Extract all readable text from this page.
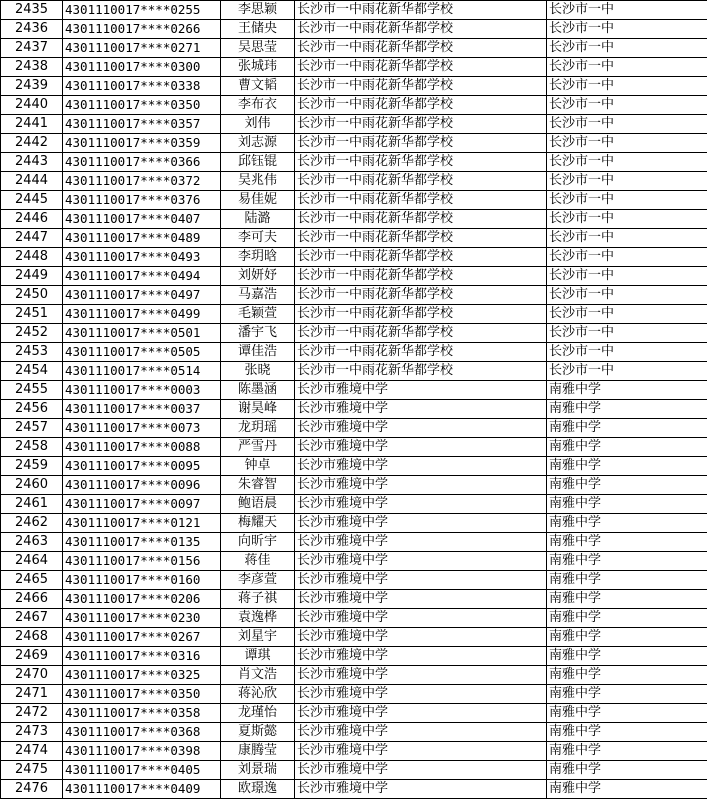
2435	4301110017****0255	李思颖	长沙市一中雨花新华都学校	长沙市一中
2436	4301110017****0266	王储央	长沙市一中雨花新华都学校	长沙市一中
2437	4301110017****0271	吴思莹	长沙市一中雨花新华都学校	长沙市一中
2438	4301110017****0300	张城玮	长沙市一中雨花新华都学校	长沙市一中
2439	4301110017****0338	曹文韬	长沙市一中雨花新华都学校	长沙市一中
2440	4301110017****0350	李布衣	长沙市一中雨花新华都学校	长沙市一中
2441	4301110017****0357	刘伟	长沙市一中雨花新华都学校	长沙市一中
2442	4301110017****0359	刘志源	长沙市一中雨花新华都学校	长沙市一中
2443	4301110017****0366	邱钰锟	长沙市一中雨花新华都学校	长沙市一中
2444	4301110017****0372	吴兆伟	长沙市一中雨花新华都学校	长沙市一中
2445	4301110017****0376	易佳妮	长沙市一中雨花新华都学校	长沙市一中
2446	4301110017****0407	陆潞	长沙市一中雨花新华都学校	长沙市一中
2447	4301110017****0489	李可夫	长沙市一中雨花新华都学校	长沙市一中
2448	4301110017****0493	李玥晗	长沙市一中雨花新华都学校	长沙市一中
2449	4301110017****0494	刘妍妤	长沙市一中雨花新华都学校	长沙市一中
2450	4301110017****0497	马嘉浩	长沙市一中雨花新华都学校	长沙市一中
2451	4301110017****0499	毛颖萱	长沙市一中雨花新华都学校	长沙市一中
2452	4301110017****0501	潘宇飞	长沙市一中雨花新华都学校	长沙市一中
2453	4301110017****0505	谭佳浩	长沙市一中雨花新华都学校	长沙市一中
2454	4301110017****0514	张晓	长沙市一中雨花新华都学校	长沙市一中
2455	4301110017****0003	陈墨涵	长沙市雅境中学	南雅中学
2456	4301110017****0037	谢昊峰	长沙市雅境中学	南雅中学
2457	4301110017****0073	龙玥瑶	长沙市雅境中学	南雅中学
2458	4301110017****0088	严雪丹	长沙市雅境中学	南雅中学
2459	4301110017****0095	钟卓	长沙市雅境中学	南雅中学
2460	4301110017****0096	朱睿智	长沙市雅境中学	南雅中学
2461	4301110017****0097	鲍语晨	长沙市雅境中学	南雅中学
2462	4301110017****0121	梅耀天	长沙市雅境中学	南雅中学
2463	4301110017****0135	向昕宇	长沙市雅境中学	南雅中学
2464	4301110017****0156	蒋佳	长沙市雅境中学	南雅中学
2465	4301110017****0160	李彦萱	长沙市雅境中学	南雅中学
2466	4301110017****0206	蒋子祺	长沙市雅境中学	南雅中学
2467	4301110017****0230	袁逸桦	长沙市雅境中学	南雅中学
2468	4301110017****0267	刘星宇	长沙市雅境中学	南雅中学
2469	4301110017****0316	谭琪	长沙市雅境中学	南雅中学
2470	4301110017****0325	肖文浩	长沙市雅境中学	南雅中学
2471	4301110017****0350	蒋沁欣	长沙市雅境中学	南雅中学
2472	4301110017****0358	龙瑾怡	长沙市雅境中学	南雅中学
2473	4301110017****0368	夏斯懿	长沙市雅境中学	南雅中学
2474	4301110017****0398	康腾莹	长沙市雅境中学	南雅中学
2475	4301110017****0405	刘景瑞	长沙市雅境中学	南雅中学
2476	4301110017****0409	欧璟逸	长沙市雅境中学	南雅中学
